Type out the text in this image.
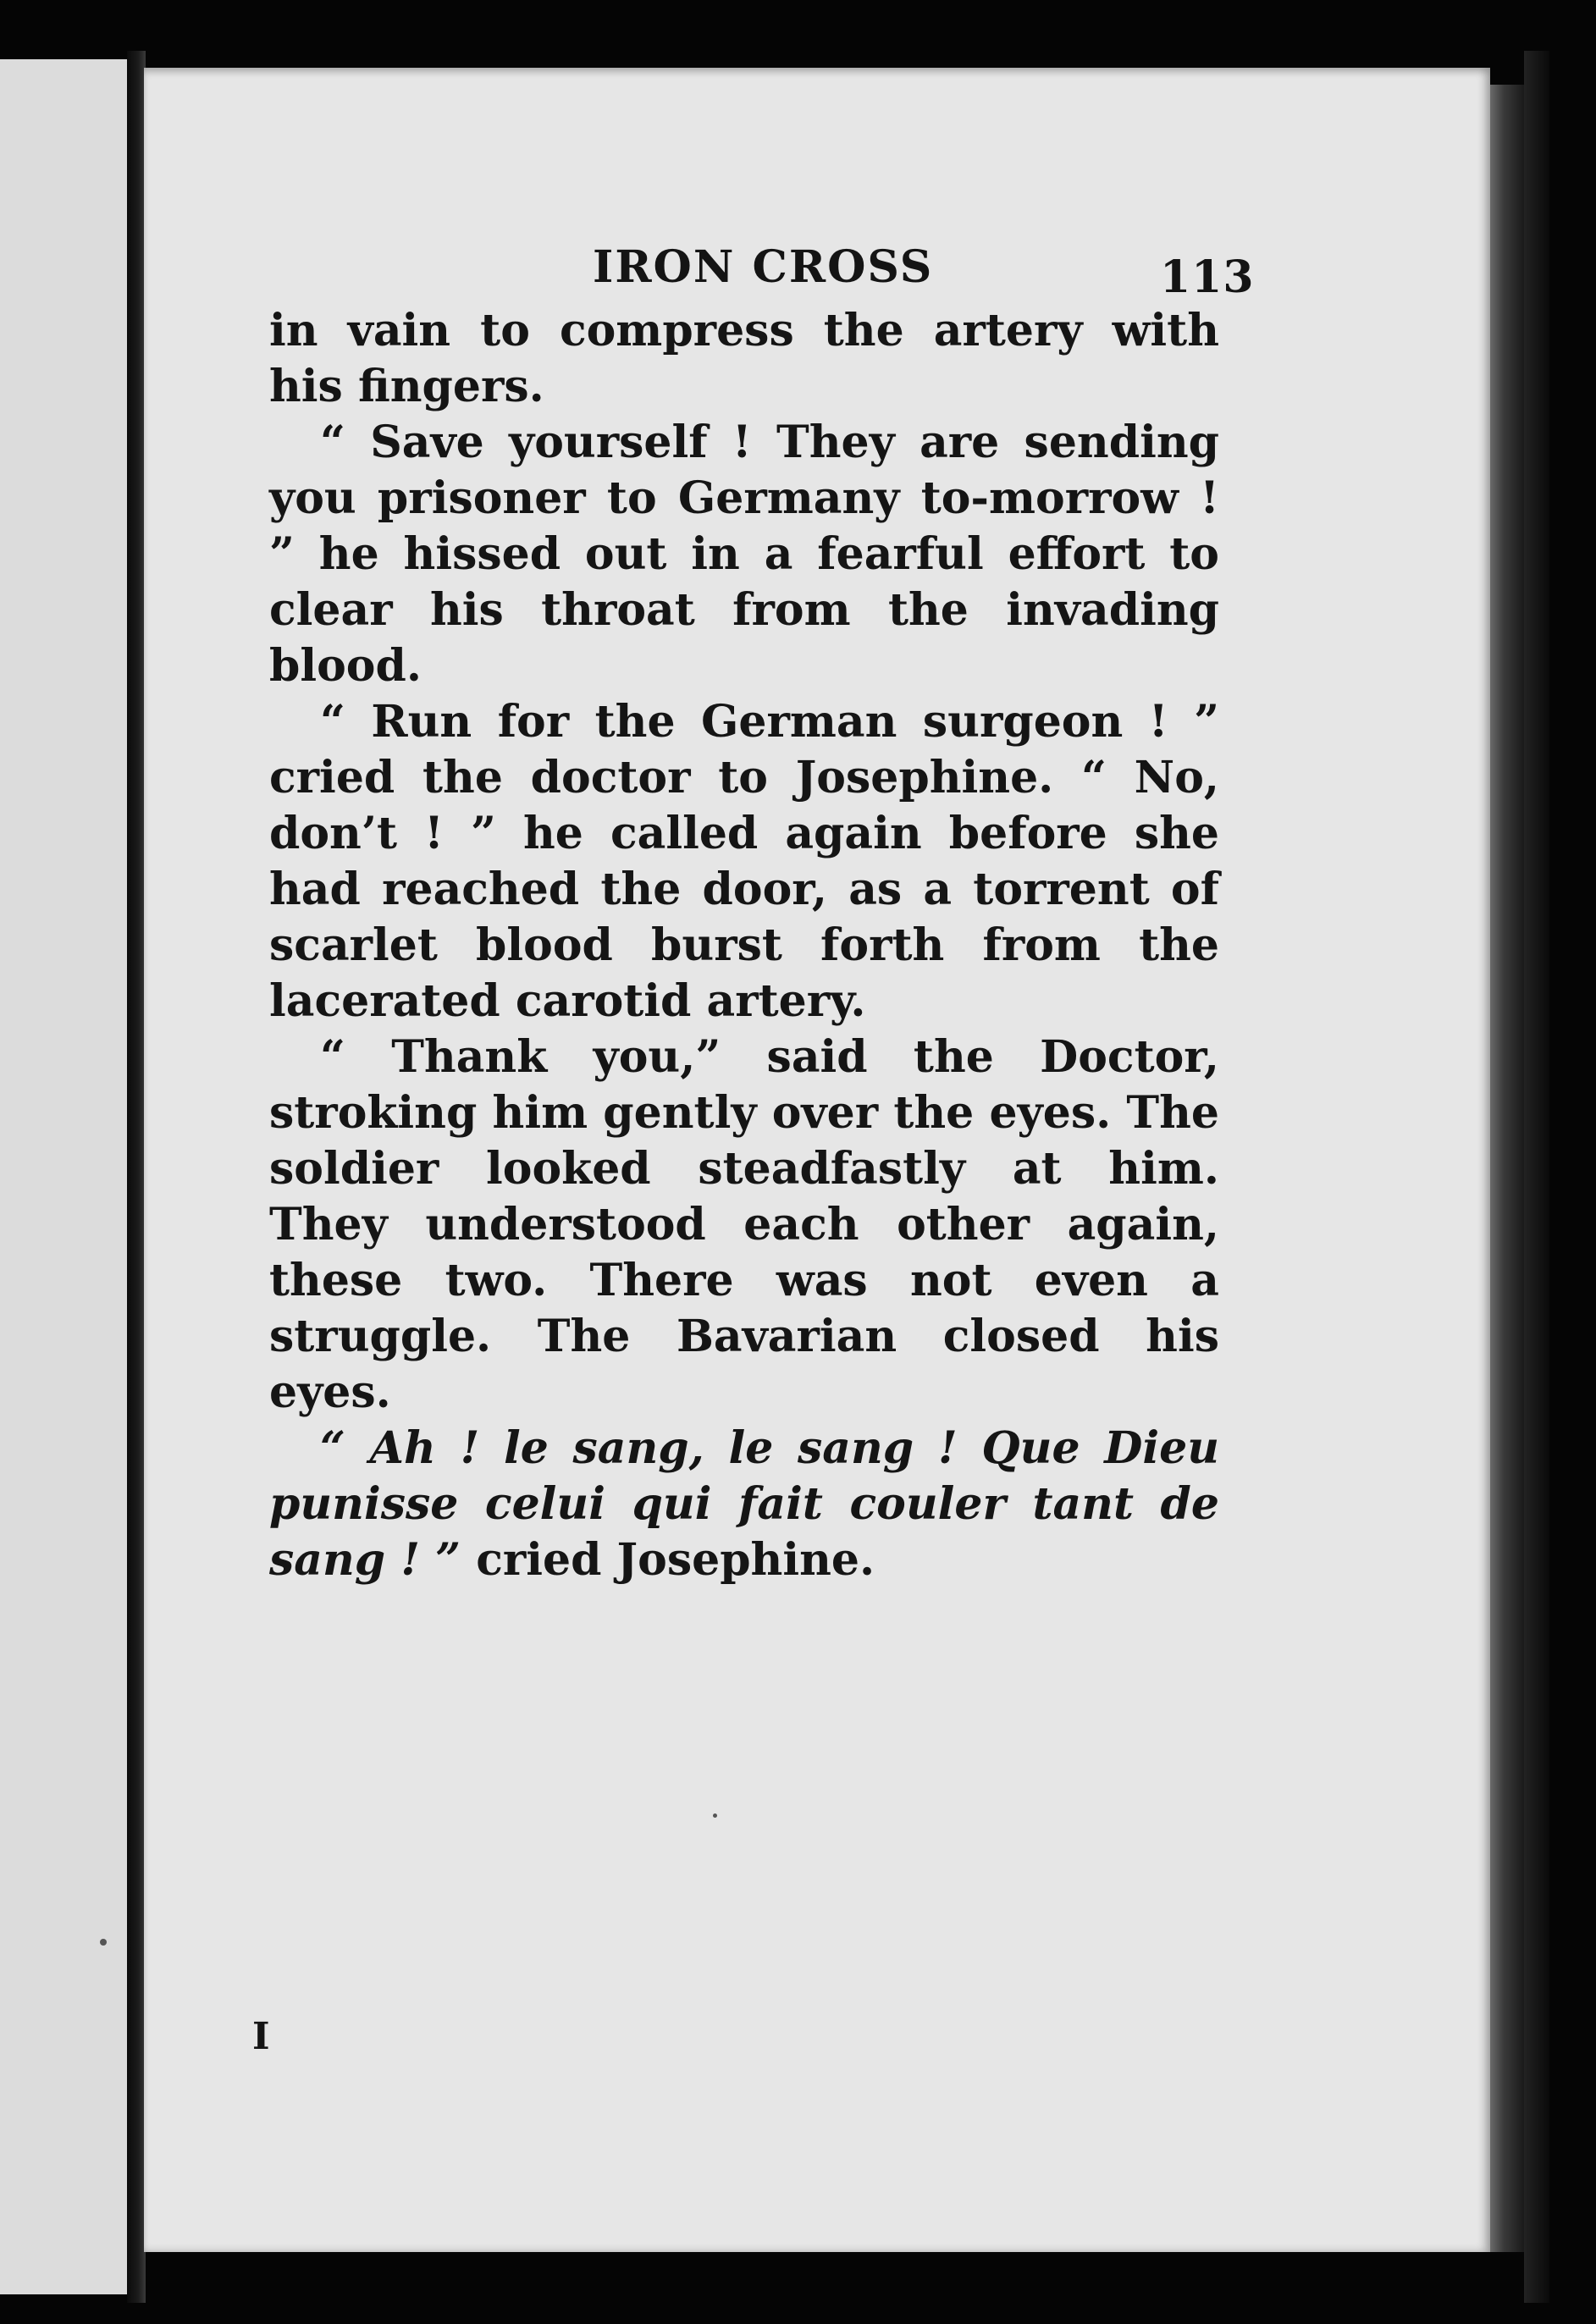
IRON CROSS	113

in vain to compress the artery with his fingers.

“ Save yourself ! They are sending you prisoner to Germany to-morrow ! ” he hissed out in a fearful effort to clear his throat from the invading blood.

“ Run for the German surgeon ! ” cried the doctor to Josephine. “ No, don’t ! ” he called again before she had reached the door, as a torrent of scarlet blood burst forth from the lacerated carotid artery.

“ Thank you,” said the Doctor, stroking him gently over the eyes. The soldier looked steadfastly at him. They understood each other again, these two. There was not even a struggle. The Bavarian closed his eyes.

“ Ah ! le sang, le sang ! Que Dieu punisse celui qui fait couler tant de sang ! ” cried Josephine.

I
